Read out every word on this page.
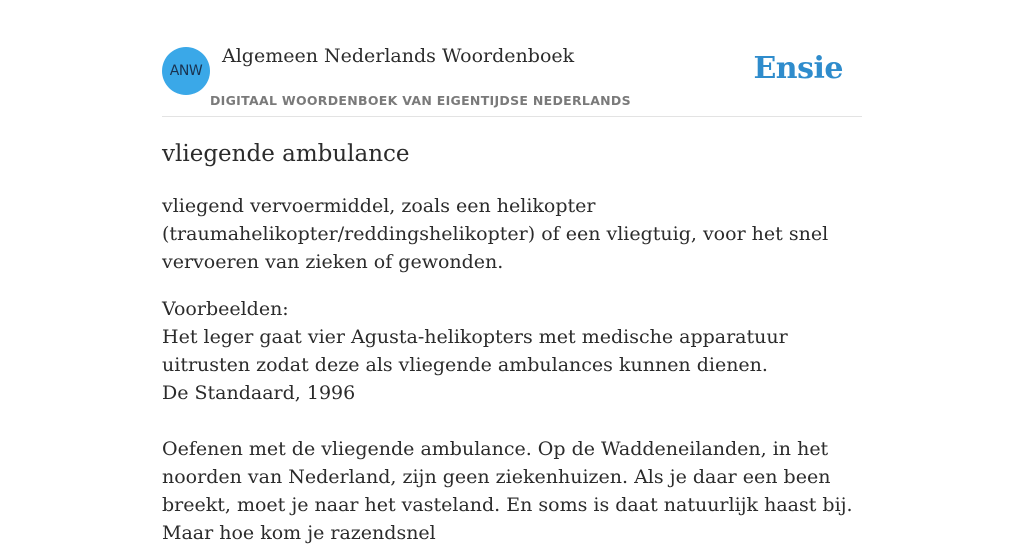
ANW
Algemeen Nederlands Woordenboek
DIGITAAL WOORDENBOEK VAN EIGENTIJDSE NEDERLANDS
Ensie
vliegende ambulance

vliegend vervoermiddel, zoals een helikopter (traumahelikopter/reddingshelikopter) of een vliegtuig, voor het snel vervoeren van zieken of gewonden.

Voorbeelden:
Het leger gaat vier Agusta-helikopters met medische apparatuur uitrusten zodat deze als vliegende ambulances kunnen dienen.
De Standaard, 1996
Oefenen met de vliegende ambulance. Op de Waddeneilanden, in het noorden van Nederland, zijn geen ziekenhuizen. Als je daar een been breekt, moet je naar het vasteland. En soms is daat natuurlijk haast bij. Maar hoe kom je razendsnel
